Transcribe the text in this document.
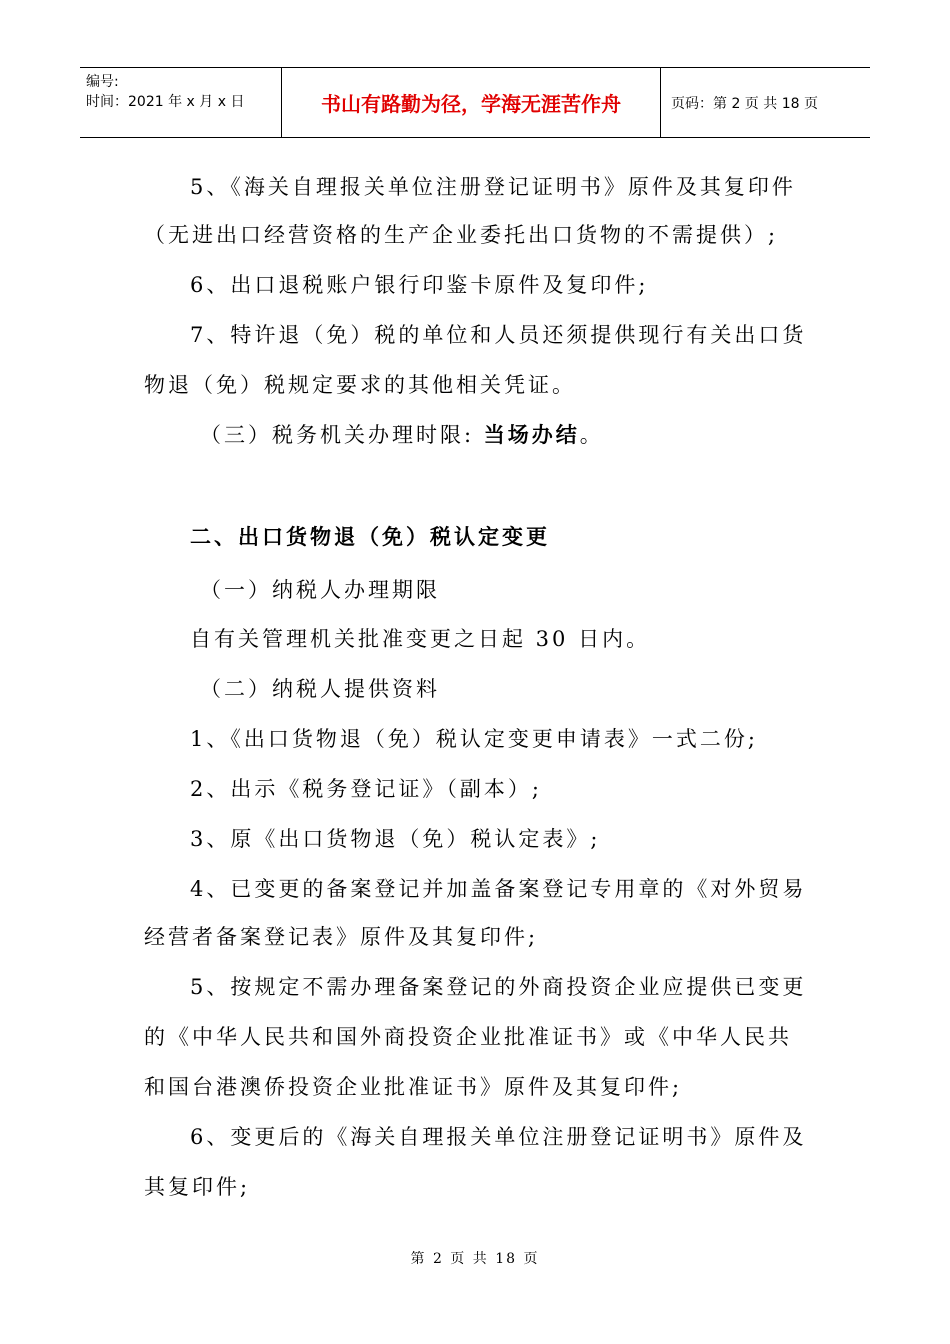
编号:
时间：2021 年 x 月 x 日	书山有路勤为径，学海无涯苦作舟	页码：第 2 页 共 18 页
5、《海关自理报关单位注册登记证明书》原件及其复印件
（无进出口经营资格的生产企业委托出口货物的不需提供）;
6、出口退税账户银行印鉴卡原件及复印件;
7、特许退（免）税的单位和人员还须提供现行有关出口货
物退（免）税规定要求的其他相关凭证。
（三）税务机关办理时限: 当场办结。
二、出口货物退（免）税认定变更
（一）纳税人办理期限
自有关管理机关批准变更之日起 30 日内。
（二）纳税人提供资料
1、《出口货物退（免）税认定变更申请表》一式二份;
2、出示《税务登记证》（副本）;
3、原《出口货物退（免）税认定表》;
4、已变更的备案登记并加盖备案登记专用章的《对外贸易
经营者备案登记表》原件及其复印件;
5、按规定不需办理备案登记的外商投资企业应提供已变更
的《中华人民共和国外商投资企业批准证书》或《中华人民共
和国台港澳侨投资企业批准证书》原件及其复印件;
6、变更后的《海关自理报关单位注册登记证明书》原件及
其复印件;
第 2 页 共 18 页
